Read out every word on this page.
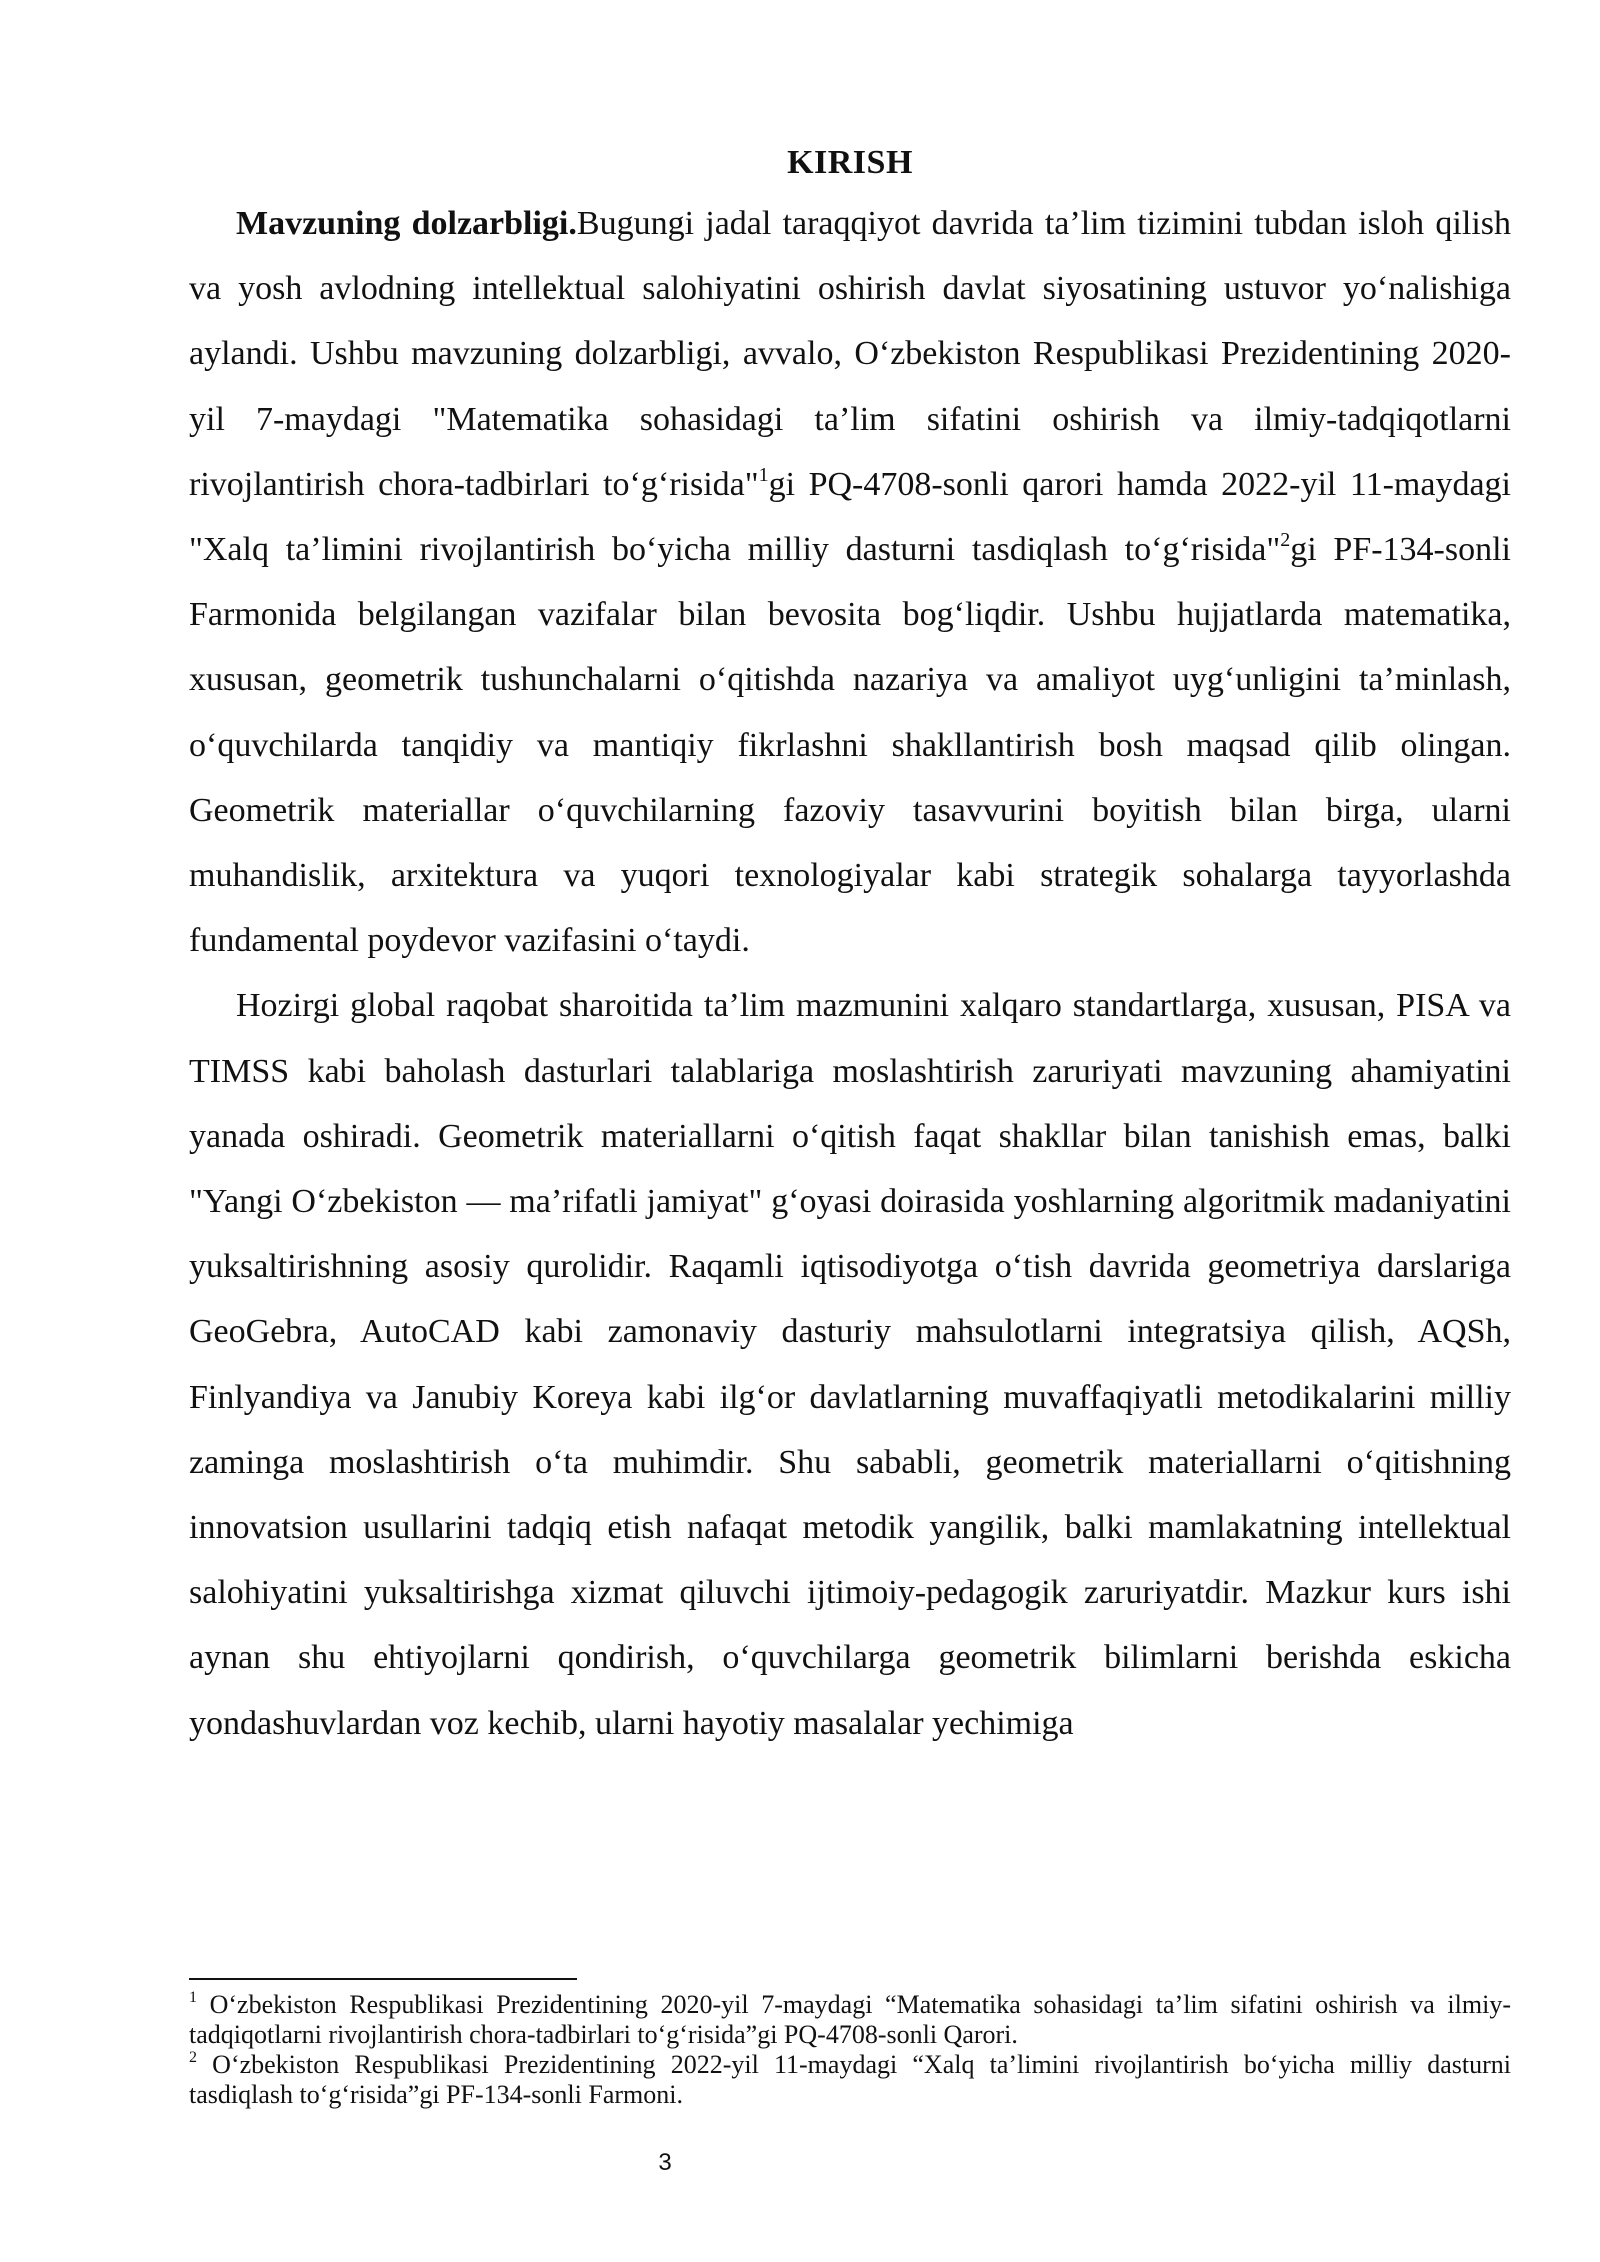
KIRISH

Mavzuning dolzarbligi.Bugungi jadal taraqqiyot davrida ta’lim tizimini tubdan isloh qilish va yosh avlodning intellektual salohiyatini oshirish davlat siyosatining ustuvor yo‘nalishiga aylandi. Ushbu mavzuning dolzarbligi, avvalo, O‘zbekiston Respublikasi Prezidentining 2020-yil 7-maydagi "Matematika sohasidagi ta’lim sifatini oshirish va ilmiy-tadqiqotlarni rivojlantirish chora-tadbirlari to‘g‘risida"$^1$gi PQ-4708-sonli qarori hamda 2022-yil 11-maydagi "Xalq ta’limini rivojlantirish bo‘yicha milliy dasturni tasdiqlash to‘g‘risida"$^2$gi PF-134-sonli Farmonida belgilangan vazifalar bilan bevosita bog‘liqdir. Ushbu hujjatlarda matematika, xususan, geometrik tushunchalarni o‘qitishda nazariya va amaliyot uyg‘unligini ta’minlash, o‘quvchilarda tanqidiy va mantiqiy fikrlashni shakllantirish bosh maqsad qilib olingan. Geometrik materiallar o‘quvchilarning fazoviy tasavvurini boyitish bilan birga, ularni muhandislik, arxitektura va yuqori texnologiyalar kabi strategik sohalarga tayyorlashda fundamental poydevor vazifasini o‘taydi.

Hozirgi global raqobat sharoitida ta’lim mazmunini xalqaro standartlarga, xususan, PISA va TIMSS kabi baholash dasturlari talablariga moslashtirish zaruriyati mavzuning ahamiyatini yanada oshiradi. Geometrik materiallarni o‘qitish faqat shakllar bilan tanishish emas, balki "Yangi O‘zbekiston — ma’rifatli jamiyat" g‘oyasi doirasida yoshlarning algoritmik madaniyatini yuksaltirishning asosiy qurolidir. Raqamli iqtisodiyotga o‘tish davrida geometriya darslariga GeoGebra, AutoCAD kabi zamonaviy dasturiy mahsulotlarni integratsiya qilish, AQSh, Finlyandiya va Janubiy Koreya kabi ilg‘or davlatlarning muvaffaqiyatli metodikalarini milliy zaminga moslashtirish o‘ta muhimdir. Shu sababli, geometrik materiallarni o‘qitishning innovatsion usullarini tadqiq etish nafaqat metodik yangilik, balki mamlakatning intellektual salohiyatini yuksaltirishga xizmat qiluvchi ijtimoiy-pedagogik zaruriyatdir. Mazkur kurs ishi aynan shu ehtiyojlarni qondirish, o‘quvchilarga geometrik bilimlarni berishda eskicha yondashuvlardan voz kechib, ularni hayotiy masalalar yechimiga

$^1$ O‘zbekiston Respublikasi Prezidentining 2020-yil 7-maydagi “Matematika sohasidagi ta’lim sifatini oshirish va ilmiy-tadqiqotlarni rivojlantirish chora-tadbirlari to‘g‘risida”gi PQ-4708-sonli Qarori.

$^2$ O‘zbekiston Respublikasi Prezidentining 2022-yil 11-maydagi “Xalq ta’limini rivojlantirish bo‘yicha milliy dasturni tasdiqlash to‘g‘risida”gi PF-134-sonli Farmoni.

3
